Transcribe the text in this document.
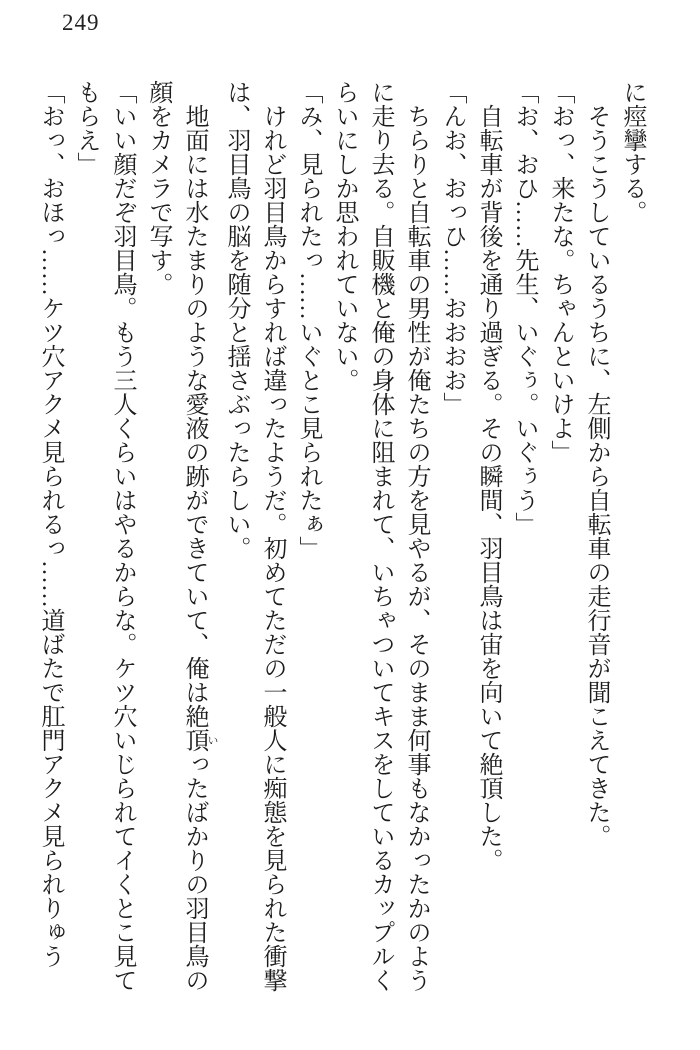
249
に痙攣する。
そうこうしているうちに、左側から自転車の走行音が聞こえてきた。
「おっ、来たな。ちゃんといけよ」
「お、おひ……先生、いぐぅ。いぐぅう」
自転車が背後を通り過ぎる。その瞬間、羽目鳥は宙を向いて絶頂した。
「んお、おっひ……おおおお」
ちらりと自転車の男性が俺たちの方を見やるが、そのまま何事もなかったかのよう
に走り去る。自販機と俺の身体に阻まれて、いちゃついてキスをしているカップルく
らいにしか思われていない。
「み、見られたっ……いぐとこ見られたぁ」
けれど羽目鳥からすれば違ったようだ。初めてただの一般人に痴態を見られた衝撃
は、羽目鳥の脳を随分と揺さぶったらしい。
地面には水たまりのような愛液の跡ができていて、俺は絶頂 いったばかりの羽目鳥の
顔をカメラで写す。
「いい顔だぞ羽目鳥。もう三人くらいはやるからな。ケツ穴いじられてイくとこ見て
もらえ」
「おっ、おほっ……ケツ穴アクメ見られるっ……道ばたで肛門アクメ見られりゅう
